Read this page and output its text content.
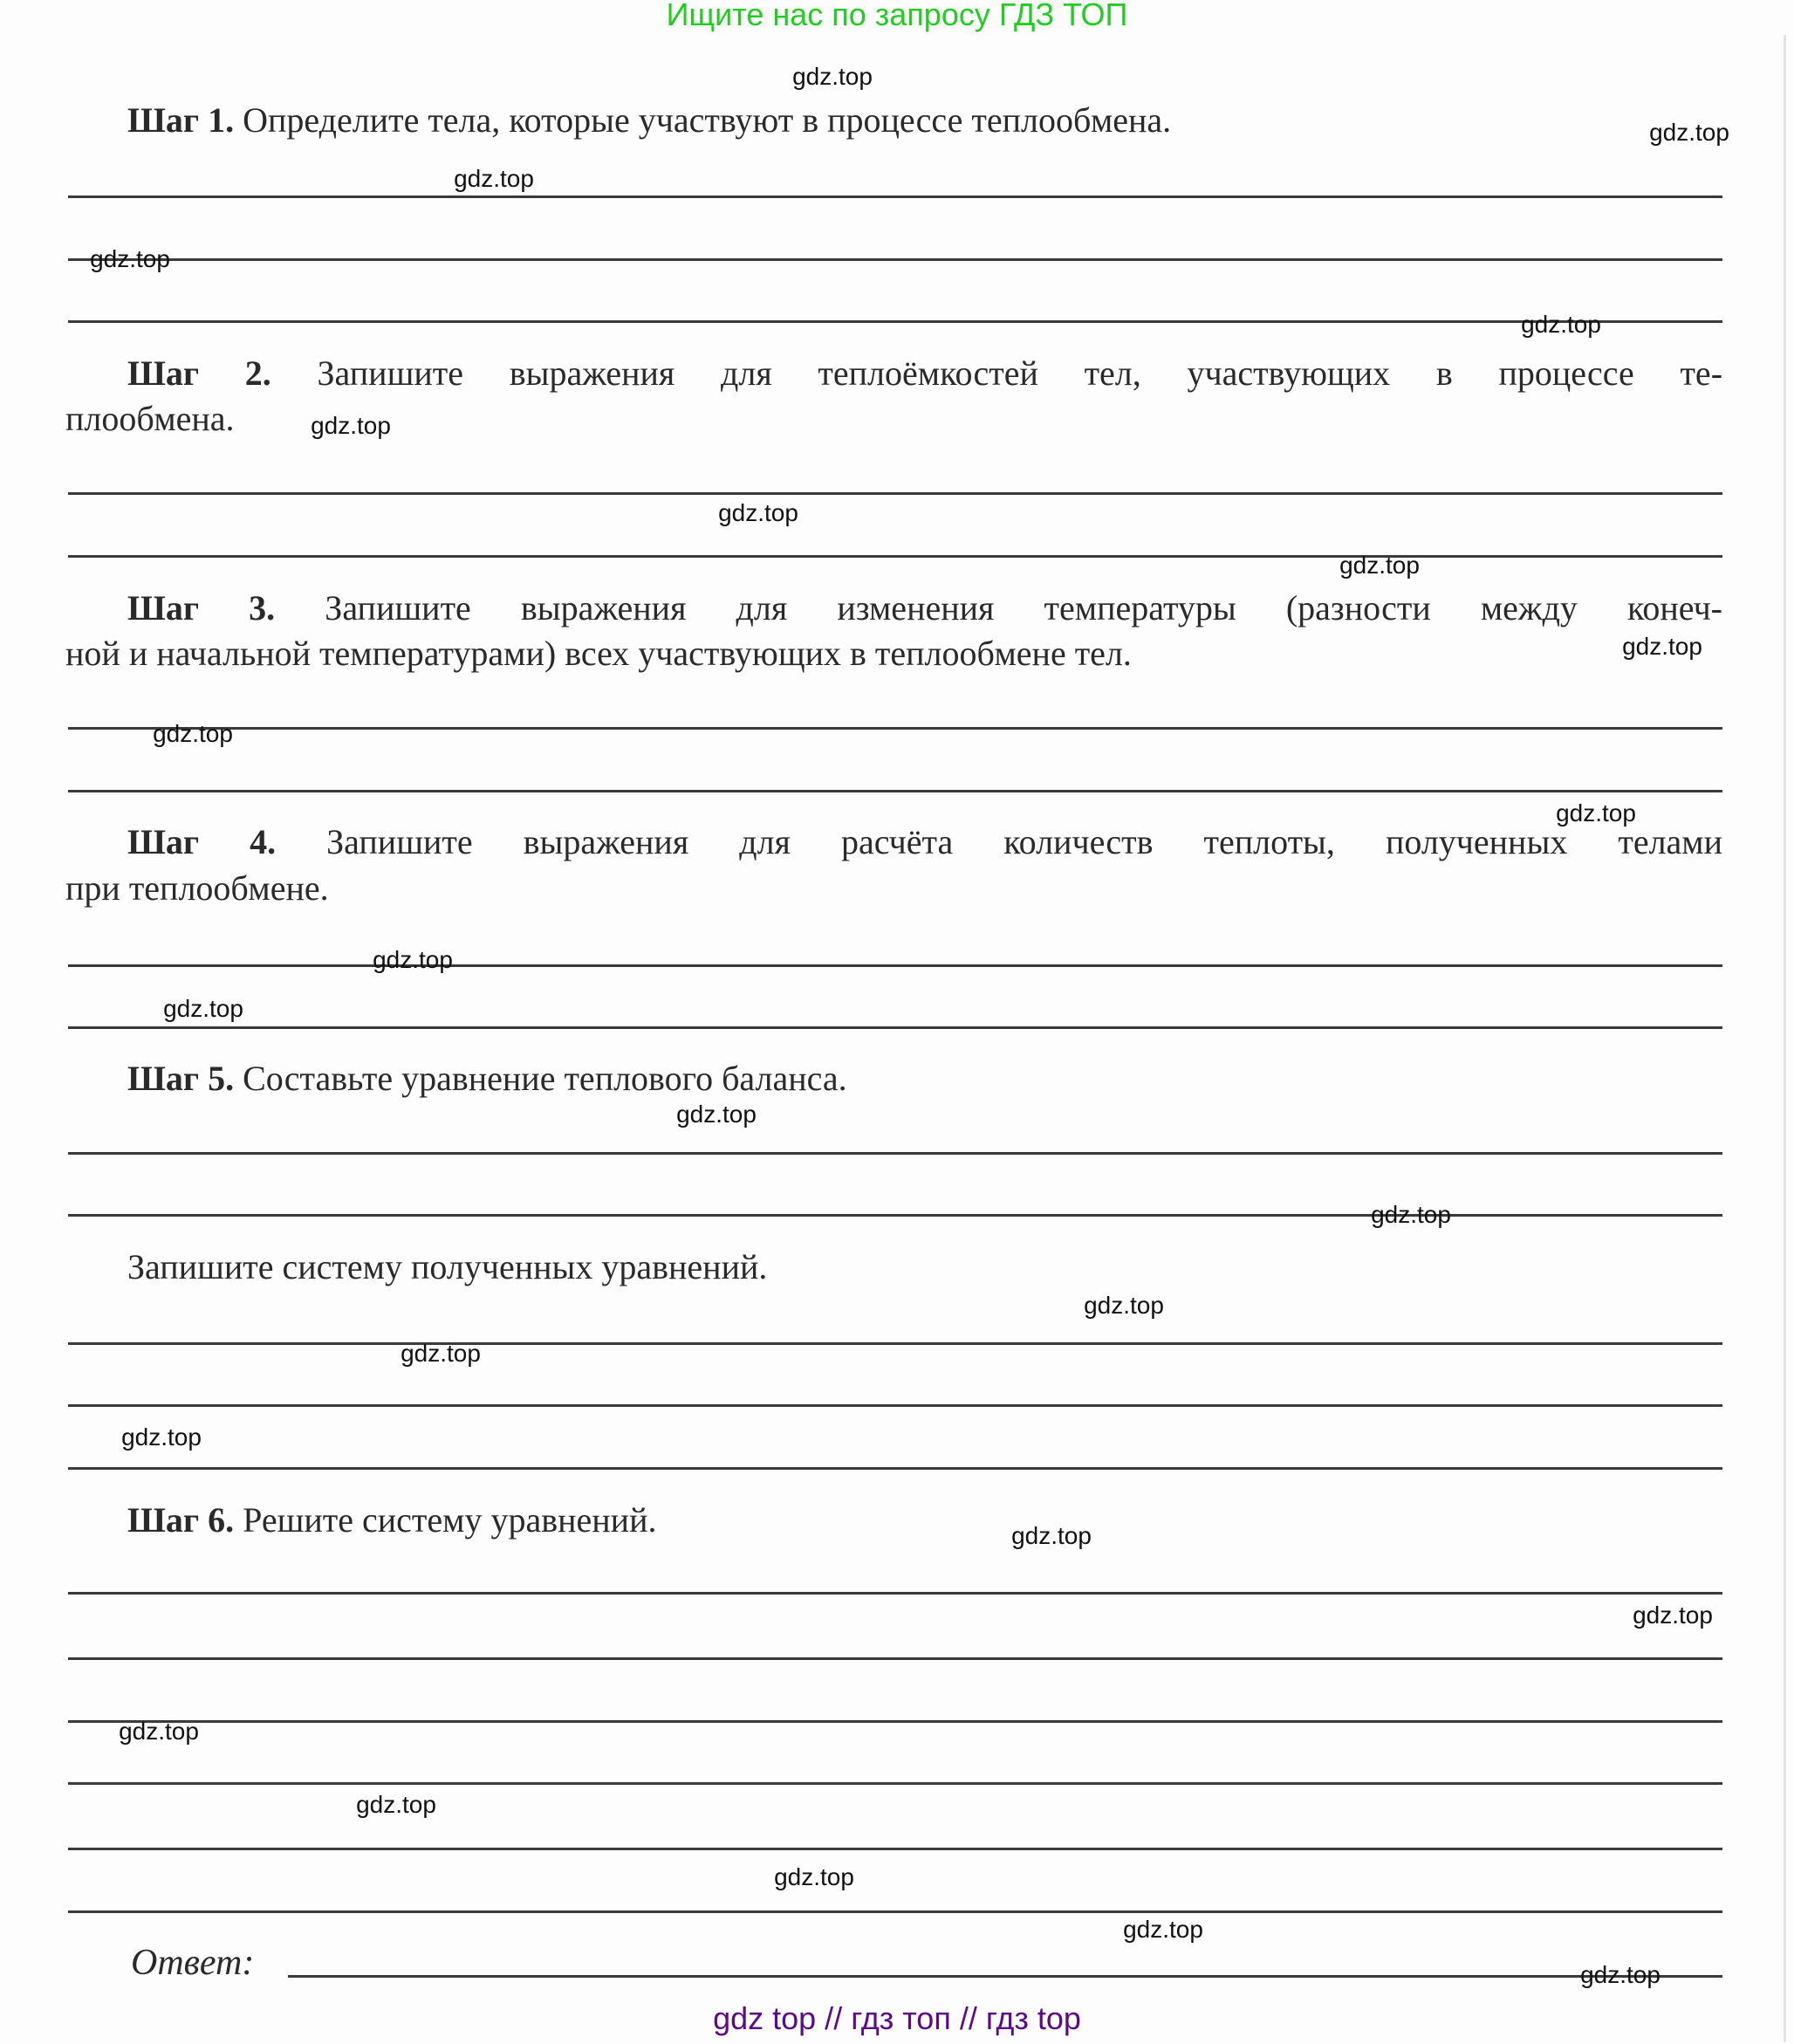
Ищите нас по запросу ГДЗ ТОП
Шаг 1. Определите тела, которые участвуют в процессе теплообмена.
Шаг 2. Запишите выражения для теплоёмкостей тел, участвующих в процессе те-
плообмена.
Шаг 3. Запишите выражения для изменения температуры (разности между конеч-
ной и начальной температурами) всех участвующих в теплообмене тел.
Шаг 4. Запишите выражения для расчёта количеств теплоты, полученных телами
при теплообмене.
Шаг 5. Составьте уравнение теплового баланса.
Запишите систему полученных уравнений.
Шаг 6. Решите систему уравнений.
Ответ:
gdz.top
gdz.top
gdz.top
gdz.top
gdz.top
gdz.top
gdz.top
gdz.top
gdz.top
gdz.top
gdz.top
gdz.top
gdz.top
gdz.top
gdz.top
gdz.top
gdz.top
gdz.top
gdz.top
gdz.top
gdz.top
gdz.top
gdz.top
gdz.top
gdz.top
gdz top // гдз топ // гдз top
